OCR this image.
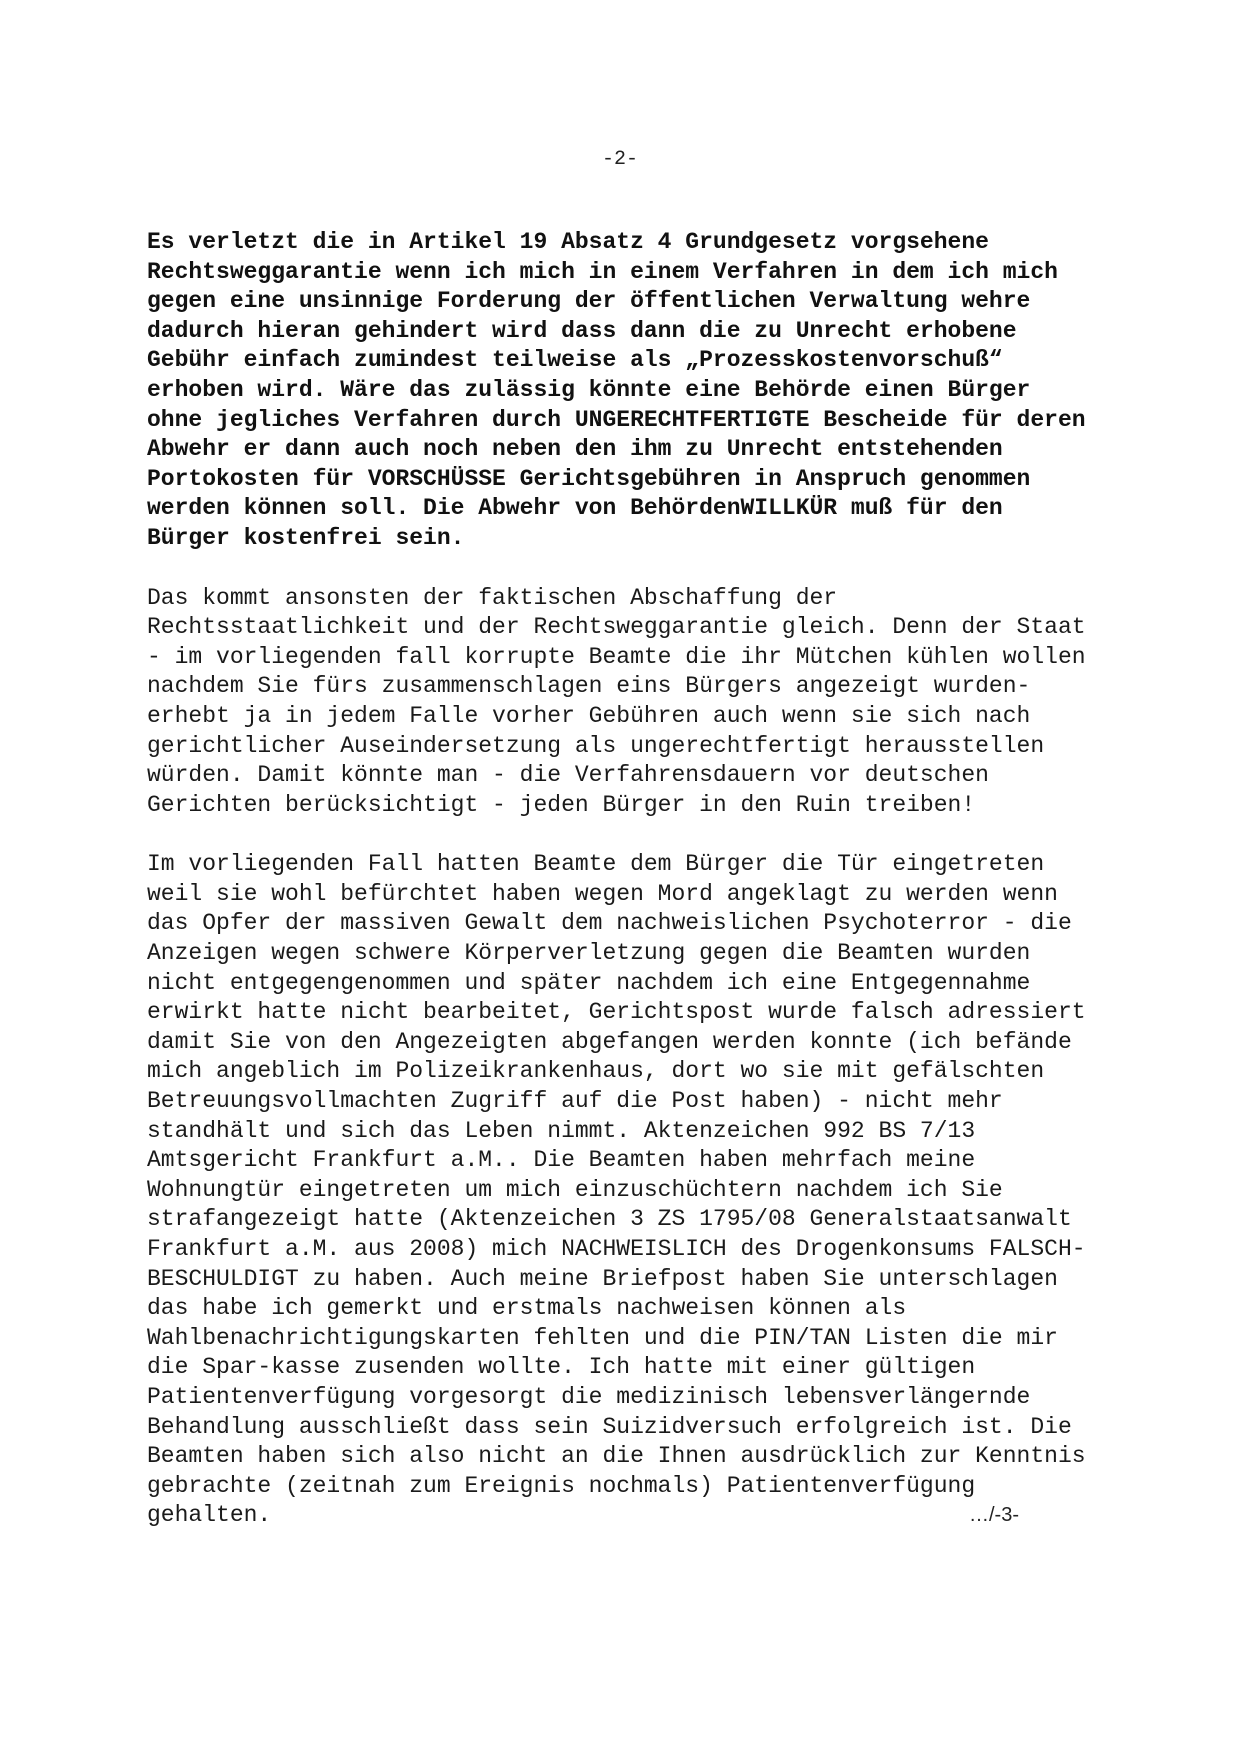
-2-
Es verletzt die in Artikel 19 Absatz 4 Grundgesetz vorgsehene
Rechtsweggarantie wenn ich mich in einem Verfahren in dem ich mich
gegen eine unsinnige Forderung der öffentlichen Verwaltung wehre
dadurch hieran gehindert wird dass dann die zu Unrecht erhobene
Gebühr einfach zumindest teilweise als „Prozesskostenvorschuß“
erhoben wird. Wäre das zulässig könnte eine Behörde einen Bürger
ohne jegliches Verfahren durch UNGERECHTFERTIGTE Bescheide für deren
Abwehr er dann auch noch neben den ihm zu Unrecht entstehenden
Portokosten für VORSCHÜSSE Gerichtsgebühren in Anspruch genommen
werden können soll. Die Abwehr von BehördenWILLKÜR muß für den
Bürger kostenfrei sein.
Das kommt ansonsten der faktischen Abschaffung der
Rechtsstaatlichkeit und der Rechtsweggarantie gleich. Denn der Staat
- im vorliegenden fall korrupte Beamte die ihr Mütchen kühlen wollen
nachdem Sie fürs zusammenschlagen eins Bürgers angezeigt wurden-
erhebt ja in jedem Falle vorher Gebühren auch wenn sie sich nach
gerichtlicher Auseindersetzung als ungerechtfertigt herausstellen
würden. Damit könnte man - die Verfahrensdauern vor deutschen
Gerichten berücksichtigt - jeden Bürger in den Ruin treiben!
Im vorliegenden Fall hatten Beamte dem Bürger die Tür eingetreten
weil sie wohl befürchtet haben wegen Mord angeklagt zu werden wenn
das Opfer der massiven Gewalt dem nachweislichen Psychoterror - die
Anzeigen wegen schwere Körperverletzung gegen die Beamten wurden
nicht entgegengenommen und später nachdem ich eine Entgegennahme
erwirkt hatte nicht bearbeitet, Gerichtspost wurde falsch adressiert
damit Sie von den Angezeigten abgefangen werden konnte (ich befände
mich angeblich im Polizeikrankenhaus, dort wo sie mit gefälschten
Betreuungsvollmachten Zugriff auf die Post haben) - nicht mehr
standhält und sich das Leben nimmt. Aktenzeichen 992 BS 7/13
Amtsgericht Frankfurt a.M.. Die Beamten haben mehrfach meine
Wohnungtür eingetreten um mich einzuschüchtern nachdem ich Sie
strafangezeigt hatte (Aktenzeichen 3 ZS 1795/08 Generalstaatsanwalt
Frankfurt a.M. aus 2008) mich NACHWEISLICH des Drogenkonsums FALSCH-
BESCHULDIGT zu haben. Auch meine Briefpost haben Sie unterschlagen
das habe ich gemerkt und erstmals nachweisen können als
Wahlbenachrichtigungskarten fehlten und die PIN/TAN Listen die mir
die Spar-kasse zusenden wollte. Ich hatte mit einer gültigen
Patientenverfügung vorgesorgt die medizinisch lebensverlängernde
Behandlung ausschließt dass sein Suizidversuch erfolgreich ist. Die
Beamten haben sich also nicht an die Ihnen ausdrücklich zur Kenntnis
gebrachte (zeitnah zum Ereignis nochmals) Patientenverfügung
gehalten.	…/-3-
